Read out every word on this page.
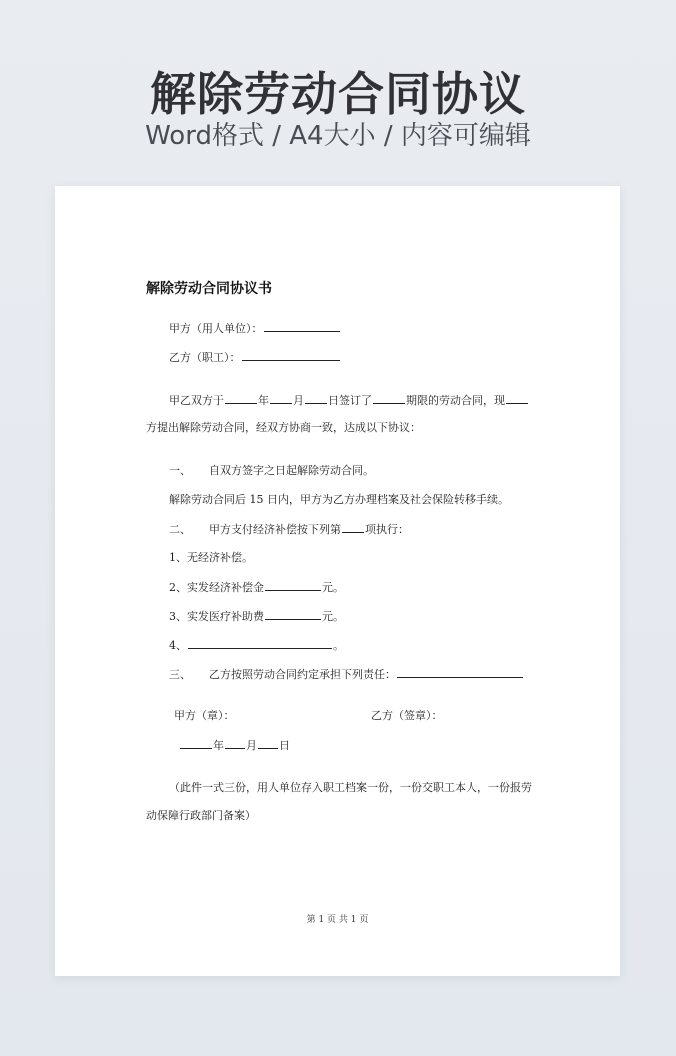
解除劳动合同协议
Word格式 / A4大小 / 内容可编辑
解除劳动合同协议书
甲方（用人单位）：
乙方（职工）：
甲乙双方于	年 月 日签订了	期限的劳动合同，现
方提出解除劳动合同，经双方协商一致，达成以下协议：
一、 自双方签字之日起解除劳动合同。
解除劳动合同后 15 日内，甲方为乙方办理档案及社会保险转移手续。
二、 甲方支付经济补偿按下列第 项执行：
1、无经济补偿。
2、实发经济补偿金	元。
3、实发医疗补助费	元。
4、	。
三、 乙方按照劳动合同约定承担下列责任：
甲方（章）：	乙方（签章）：
年 月 日
（此件一式三份，用人单位存入职工档案一份，一份交职工本人，一份报劳
动保障行政部门备案）
第 1 页 共 1 页
